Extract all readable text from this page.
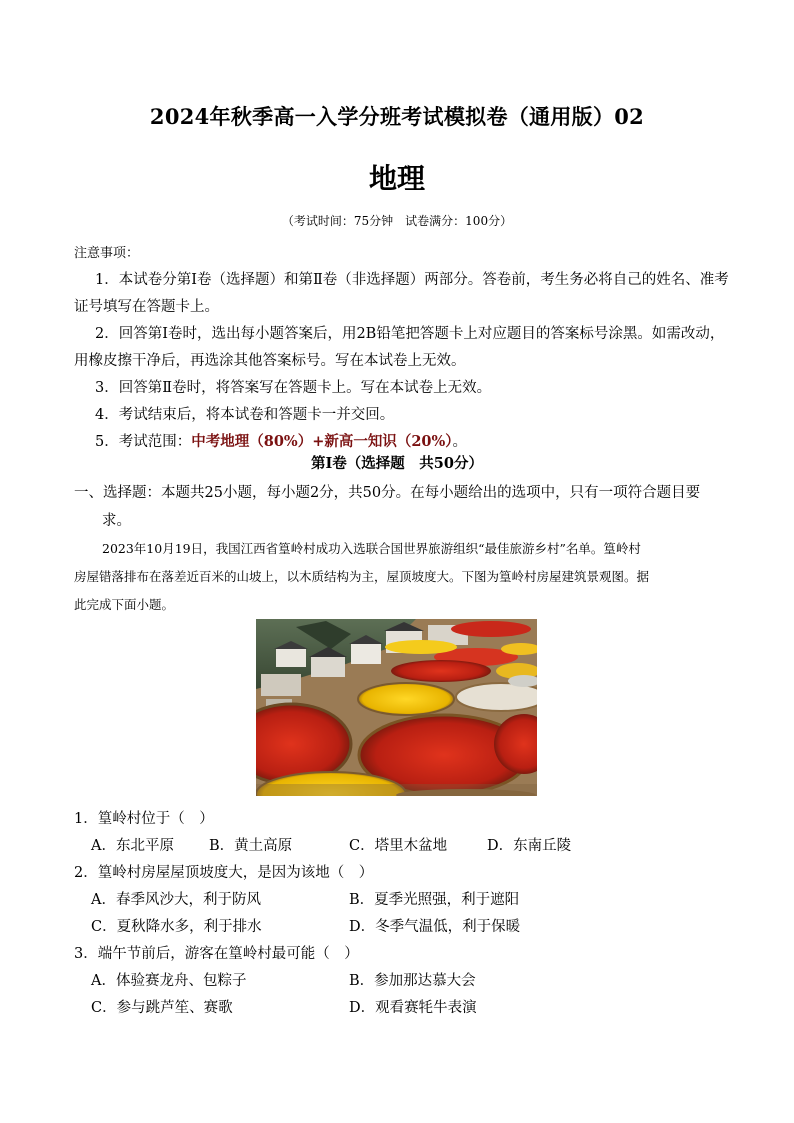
2024年秋季高一入学分班考试模拟卷（通用版）02
地理
（考试时间：75分钟　试卷满分：100分）
注意事项：
1．本试卷分第Ⅰ卷（选择题）和第Ⅱ卷（非选择题）两部分。答卷前，考生务必将自己的姓名、准考
证号填写在答题卡上。
2．回答第Ⅰ卷时，选出每小题答案后，用2B铅笔把答题卡上对应题目的答案标号涂黑。如需改动，
用橡皮擦干净后，再选涂其他答案标号。写在本试卷上无效。
3．回答第Ⅱ卷时，将答案写在答题卡上。写在本试卷上无效。
4．考试结束后，将本试卷和答题卡一并交回。
5．考试范围：中考地理（80%）+新高一知识（20%）。
第Ⅰ卷（选择题　共50分）
一、选择题：本题共25小题，每小题2分，共50分。在每小题给出的选项中，只有一项符合题目要
求。
2023年10月19日，我国江西省篁岭村成功入选联合国世界旅游组织“最佳旅游乡村”名单。篁岭村
房屋错落排布在落差近百米的山坡上，以木质结构为主，屋顶坡度大。下图为篁岭村房屋建筑景观图。据
此完成下面小题。
1．篁岭村位于（　）
A．东北平原 B．黄土高原	C．塔里木盆地	D．东南丘陵
2．篁岭村房屋屋顶坡度大，是因为该地（　）
A．春季风沙大，利于防风	B．夏季光照强，利于遮阳
C．夏秋降水多，利于排水	D．冬季气温低，利于保暖
3．端午节前后，游客在篁岭村最可能（　）
A．体验赛龙舟、包粽子	B．参加那达慕大会
C．参与跳芦笙、赛歌	D．观看赛牦牛表演
